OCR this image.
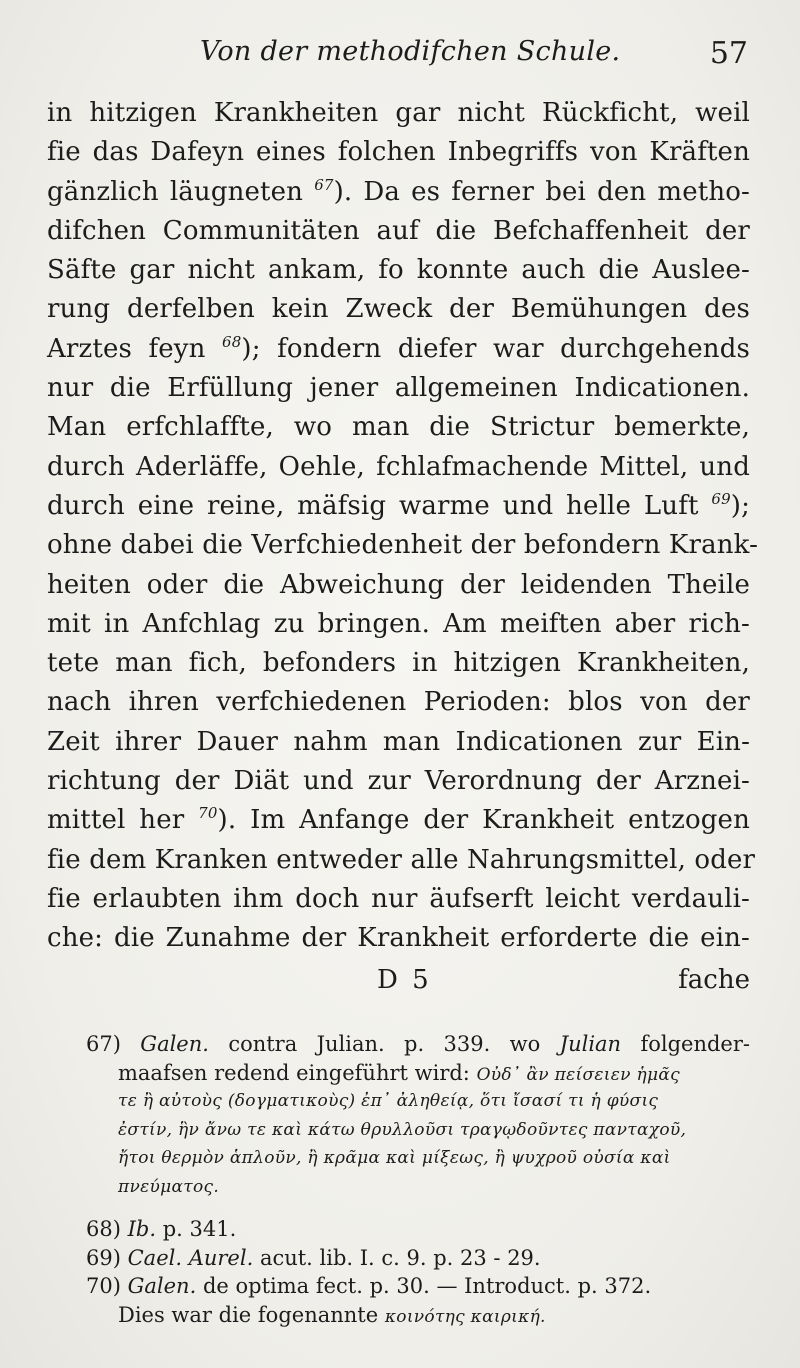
Von der methodifchen Schule.	57
in hitzigen Krankheiten gar nicht Rückficht, weil
fie das Dafeyn eines folchen Inbegriffs von Kräften
gänzlich läugneten $^{67}$). Da es ferner bei den metho-
difchen Communitäten auf die Befchaffenheit der
Säfte gar nicht ankam, fo konnte auch die Auslee-
rung derfelben kein Zweck der Bemühungen des
Arztes feyn $^{68}$); fondern diefer war durchgehends
nur die Erfüllung jener allgemeinen Indicationen.
Man erfchlaffte, wo man die Strictur bemerkte,
durch Aderläffe, Oehle, fchlafmachende Mittel, und
durch eine reine, mäfsig warme und helle Luft $^{69}$);
ohne dabei die Verfchiedenheit der befondern Krank-
heiten oder die Abweichung der leidenden Theile
mit in Anfchlag zu bringen. Am meiften aber rich-
tete man fich, befonders in hitzigen Krankheiten,
nach ihren verfchiedenen Perioden: blos von der
Zeit ihrer Dauer nahm man Indicationen zur Ein-
richtung der Diät und zur Verordnung der Arznei-
mittel her $^{70}$). Im Anfange der Krankheit entzogen
fie dem Kranken entweder alle Nahrungsmittel, oder
fie erlaubten ihm doch nur äufserft leicht verdauli-
che: die Zunahme der Krankheit erforderte die ein-
D 5	fache
67) Galen. contra Julian. p. 339. wo Julian folgender-
maafsen redend eingeführt wird: Οὐδ᾽ ἂν πείσειεν ἡμᾶς
τε ἢ αὐτοὺς (δογματικοὺς) ἐπ᾽ ἀληθείᾳ, ὅτι ἴσασί τι ἡ φύσις
ἐστίν, ἣν ἄνω τε καὶ κάτω θρυλλοῦσι τραγῳδοῦντες πανταχοῦ,
ἤτοι θερμὸν ἁπλοῦν, ἢ κρᾶμα καὶ μίξεως, ἢ ψυχροῦ οὐσία καὶ
πνεύματος.
68) Ib. p. 341.
69) Cael. Aurel. acut. lib. I. c. 9. p. 23 - 29.
70) Galen. de optima fect. p. 30. — Introduct. p. 372.
Dies war die fogenannte κοινότης καιρική.
